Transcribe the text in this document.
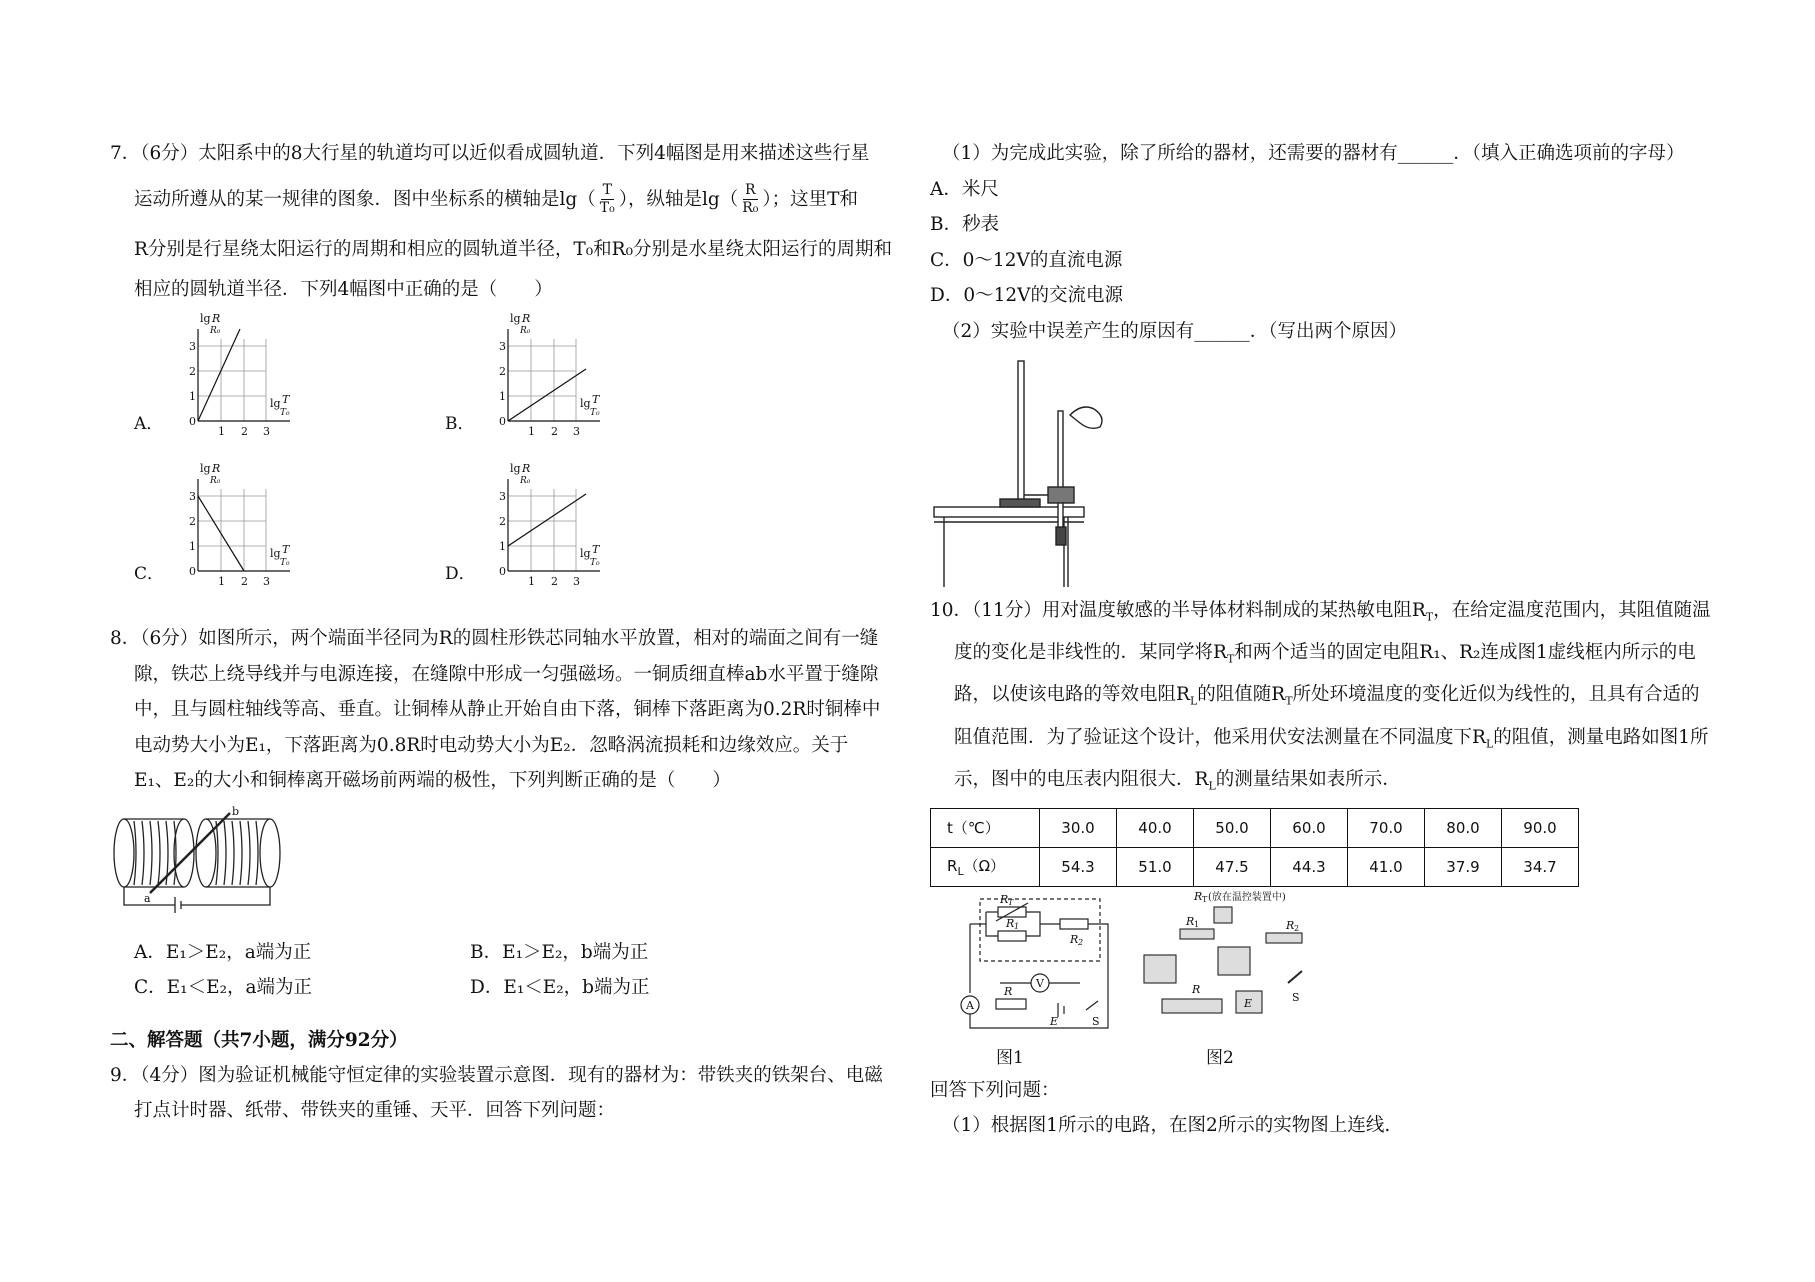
7．（6分）太阳系中的8大行星的轨道均可以近似看成圆轨道．下列4幅图是用来描述这些行星

运动所遵从的某一规律的图象．图中坐标系的横轴是$\lg( \frac{T}{\text{T₀}}$ ），纵轴是$\lg( \frac{R}{\text{R₀}}$ ）；这里T和

R分别是行星绕太阳运行的周期和相应的圆轨道半径，T₀和R₀分别是水星绕太阳运行的周期和

相应的圆轨道半径．下列4幅图中正确的是（　　）

A．	B．
C．	D．
lg R
R₀
lg T
T₀
0
1 2 3
1
2
3
lg R
R₀
lg T
T₀
0
1 2 3
1
2
3
lg R
R₀
lg T
T₀
0
1 2 3
1
2
3
lg R
R₀
lg T
T₀
0
1 2 3
1
2
3

8．（6分）如图所示，两个端面半径同为R的圆柱形铁芯同轴水平放置，相对的端面之间有一缝

隙，铁芯上绕导线并与电源连接，在缝隙中形成一匀强磁场。一铜质细直棒ab水平置于缝隙

中，且与圆柱轴线等高、垂直。让铜棒从静止开始自由下落，铜棒下落距离为0.2R时铜棒中

电动势大小为E₁，下落距离为0.8R时电动势大小为E₂．忽略涡流损耗和边缘效应。关于

E₁、E₂的大小和铜棒离开磁场前两端的极性，下列判断正确的是（　　）

a
b
A．E₁＞E₂，a端为正	B．E₁＞E₂，b端为正
C．E₁＜E₂，a端为正	D．E₁＜E₂，b端为正

二、解答题（共7小题，满分92分）

9．（4分）图为验证机械能守恒定律的实验装置示意图．现有的器材为：带铁夹的铁架台、电磁

打点计时器、纸带、带铁夹的重锤、天平．回答下列问题：

（1）为完成此实验，除了所给的器材，还需要的器材有______．（填入正确选项前的字母）

A．米尺

B．秒表

C．0～12V的直流电源

D．0～12V的交流电源

（2）实验中误差产生的原因有______．（写出两个原因）

10．（11分）用对温度敏感的半导体材料制成的某热敏电阻$R_T$，在给定温度范围内，其阻值随温

度的变化是非线性的．某同学将$R_T$和两个适当的固定电阻R₁、R₂连成图1虚线框内所示的电

路，以使该电路的等效电阻$R_L$的阻值随$R_T$所处环境温度的变化近似为线性的，且具有合适的

阻值范围．为了验证这个设计，他采用伏安法测量在不同温度下$R_L$的阻值，测量电路如图1所

示，图中的电压表内阻很大．$R_L$的测量结果如表所示．

t（℃）	30.0	40.0	50.0	60.0	70.0	80.0	90.0
$R_L(\Omega)$	54.3	51.0	47.5	44.3	41.0	37.9	34.7
R T
R 1
R 2
A
V
R
E	S
R T (放在温控装置中)
R 1	R 2
R
E	S
图1	图2

回答下列问题：

（1）根据图1所示的电路，在图2所示的实物图上连线.
